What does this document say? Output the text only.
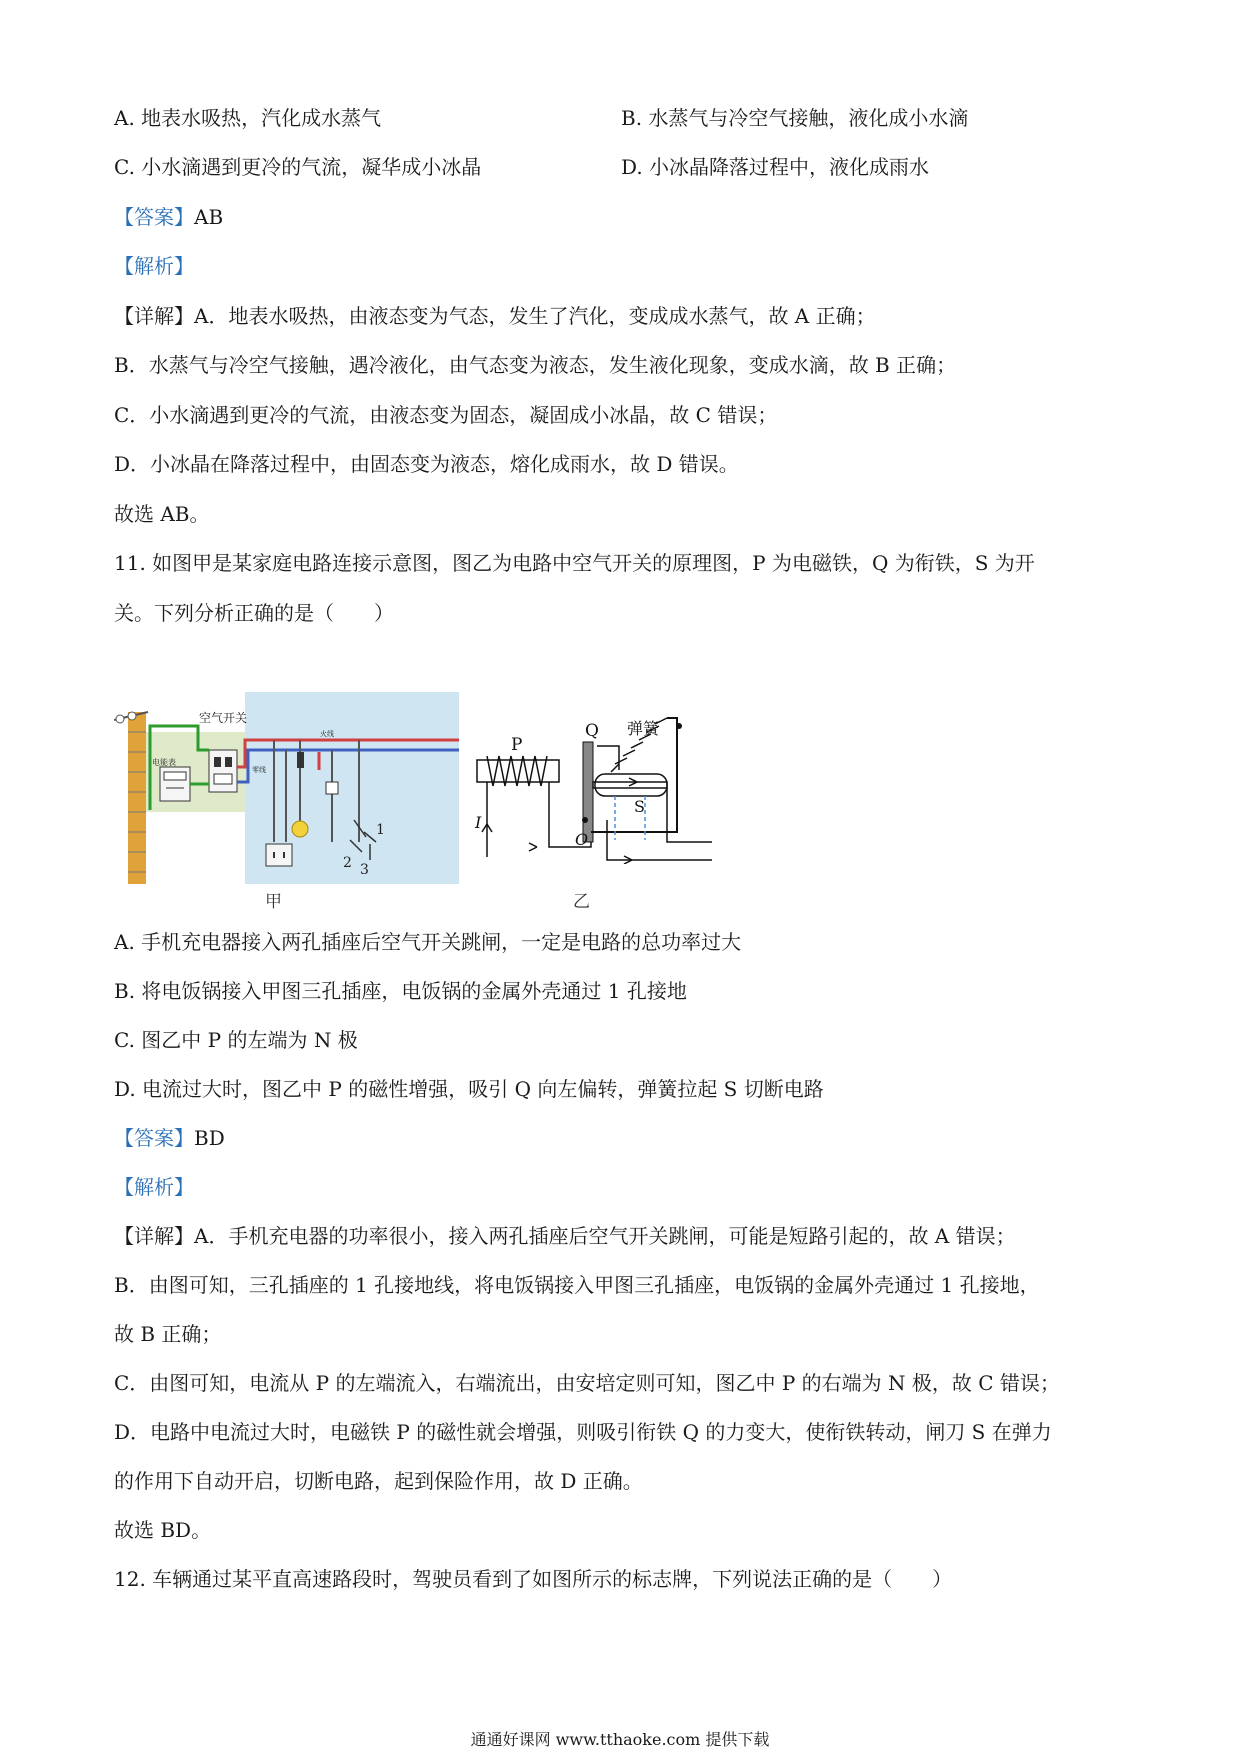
A. 地表水吸热，汽化成水蒸气	B. 水蒸气与冷空气接触，液化成小水滴
C. 小水滴遇到更冷的气流，凝华成小冰晶	D. 小冰晶降落过程中，液化成雨水
【答案】AB
【解析】
【详解】A．地表水吸热，由液态变为气态，发生了汽化，变成成水蒸气，故 A 正确；
B．水蒸气与冷空气接触，遇冷液化，由气态变为液态，发生液化现象，变成水滴，故 B 正确；
C．小水滴遇到更冷的气流，由液态变为固态，凝固成小冰晶，故 C 错误；
D．小冰晶在降落过程中，由固态变为液态，熔化成雨水，故 D 错误。
故选 AB。
11. 如图甲是某家庭电路连接示意图，图乙为电路中空气开关的原理图，P 为电磁铁，Q 为衔铁，S 为开
关。下列分析正确的是（　　）
空气开关
电能表
火线
零线
1
2 3
P
Q 弹簧
S
I
O
甲	乙
A. 手机充电器接入两孔插座后空气开关跳闸，一定是电路的总功率过大
B. 将电饭锅接入甲图三孔插座，电饭锅的金属外壳通过 1 孔接地
C. 图乙中 P 的左端为 N 极
D. 电流过大时，图乙中 P 的磁性增强，吸引 Q 向左偏转，弹簧拉起 S 切断电路
【答案】BD
【解析】
【详解】A．手机充电器的功率很小，接入两孔插座后空气开关跳闸，可能是短路引起的，故 A 错误；
B．由图可知，三孔插座的 1 孔接地线，将电饭锅接入甲图三孔插座，电饭锅的金属外壳通过 1 孔接地，
故 B 正确；
C．由图可知，电流从 P 的左端流入，右端流出，由安培定则可知，图乙中 P 的右端为 N 极，故 C 错误；
D．电路中电流过大时，电磁铁 P 的磁性就会增强，则吸引衔铁 Q 的力变大，使衔铁转动，闸刀 S 在弹力
的作用下自动开启，切断电路，起到保险作用，故 D 正确。
故选 BD。
12. 车辆通过某平直高速路段时，驾驶员看到了如图所示的标志牌，下列说法正确的是（　　）
通通好课网 www.tthaoke.com 提供下载
